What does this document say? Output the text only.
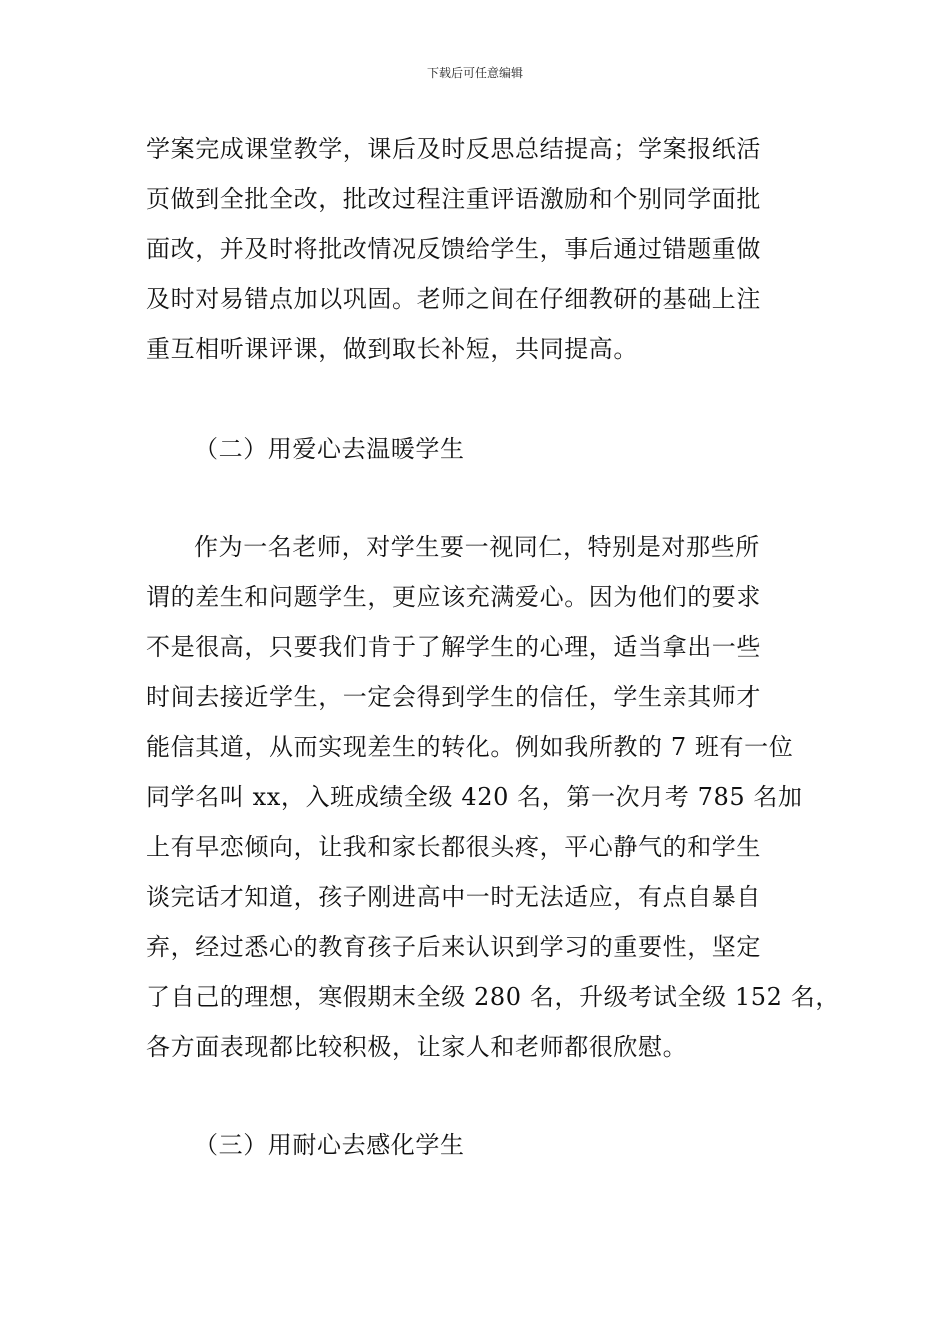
下载后可任意编辑
学案完成课堂教学，课后及时反思总结提高；学案报纸活
页做到全批全改，批改过程注重评语激励和个别同学面批
面改，并及时将批改情况反馈给学生，事后通过错题重做
及时对易错点加以巩固。老师之间在仔细教研的基础上注
重互相听课评课，做到取长补短，共同提高。
（二）用爱心去温暖学生
作为一名老师，对学生要一视同仁，特别是对那些所
谓的差生和问题学生，更应该充满爱心。因为他们的要求
不是很高，只要我们肯于了解学生的心理，适当拿出一些
时间去接近学生，一定会得到学生的信任，学生亲其师才
能信其道，从而实现差生的转化。例如我所教的 7 班有一位
同学名叫 xx，入班成绩全级 420 名，第一次月考 785 名加
上有早恋倾向，让我和家长都很头疼，平心静气的和学生
谈完话才知道，孩子刚进高中一时无法适应，有点自暴自
弃，经过悉心的教育孩子后来认识到学习的重要性，坚定
了自己的理想，寒假期末全级 280 名，升级考试全级 152 名，
各方面表现都比较积极，让家人和老师都很欣慰。
（三）用耐心去感化学生
